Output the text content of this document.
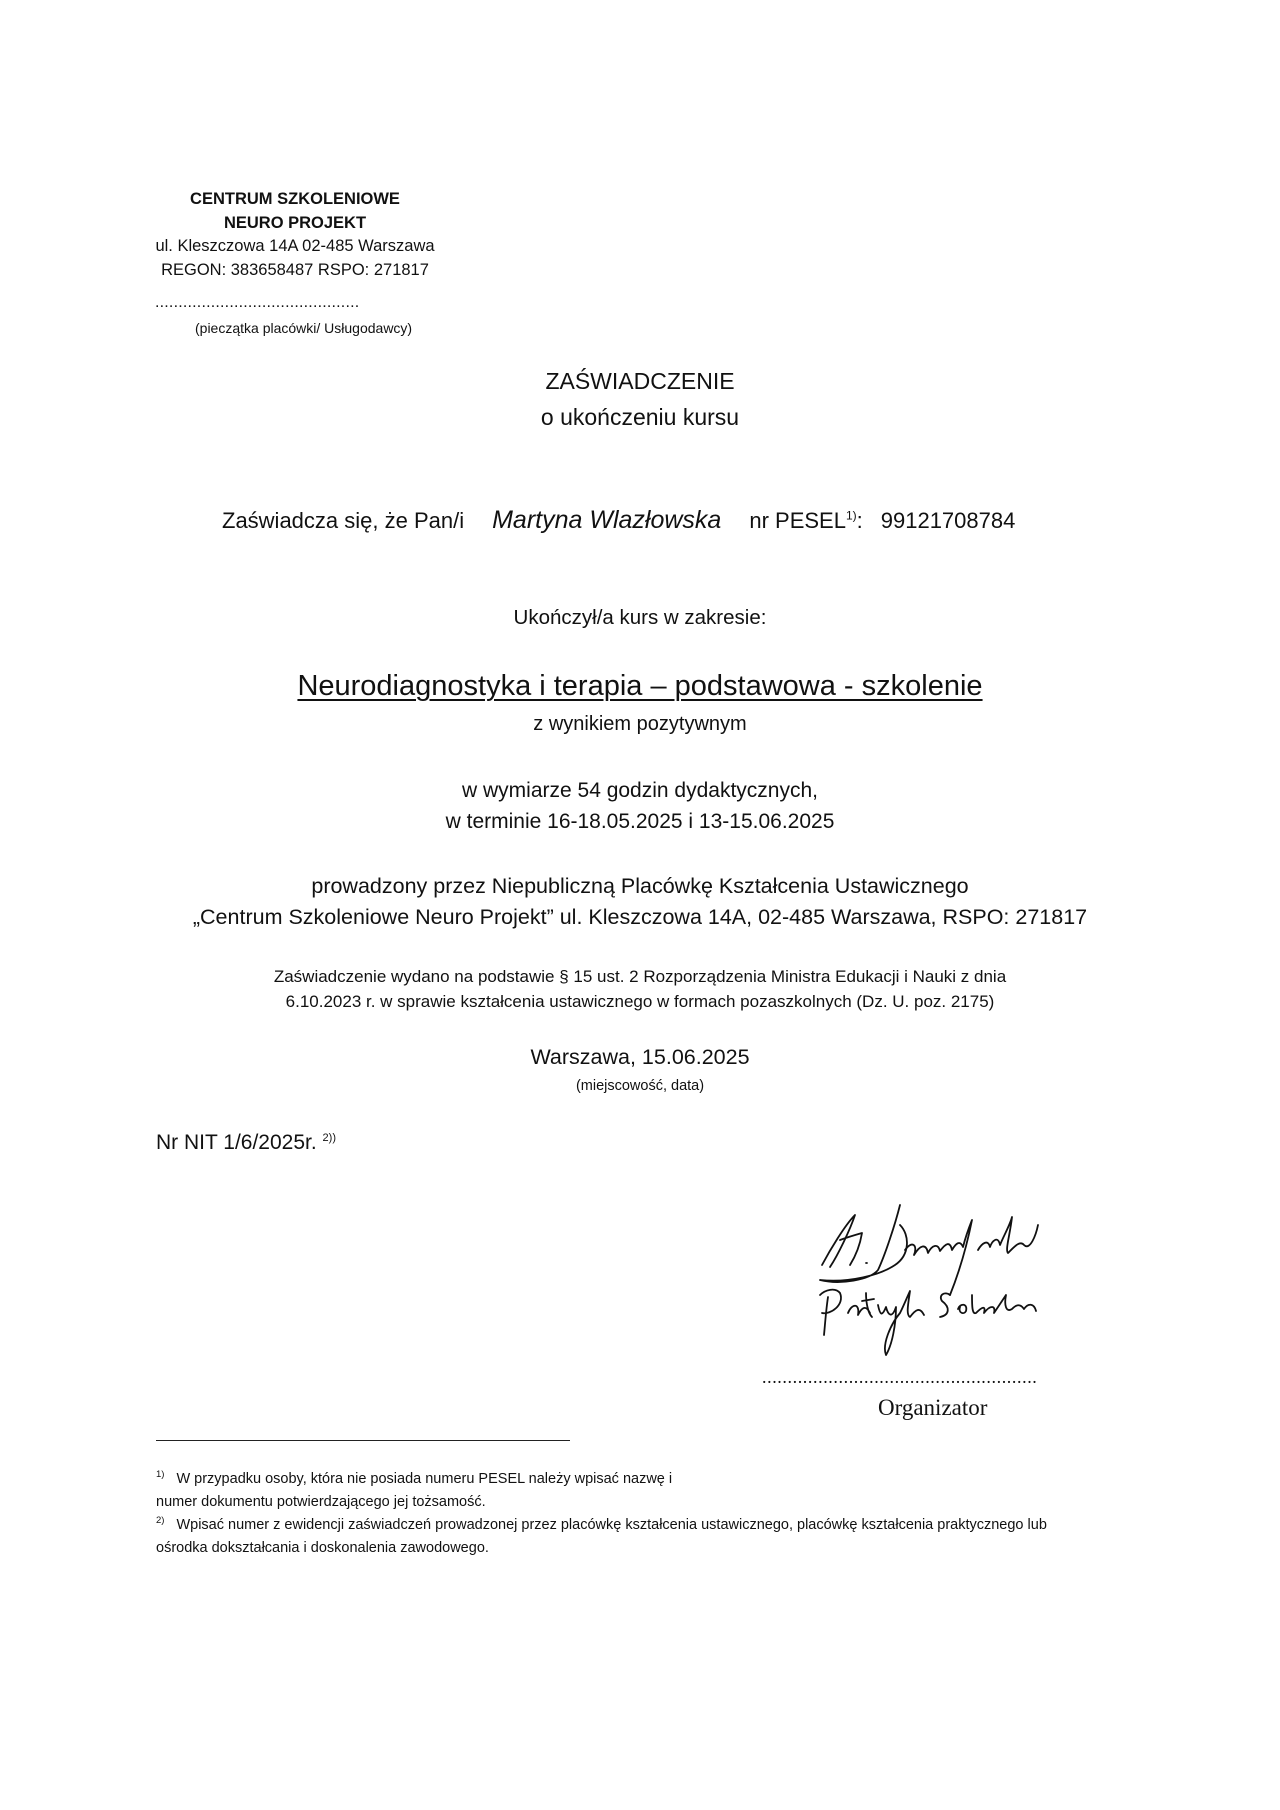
CENTRUM SZKOLENIOWE
NEURO PROJEKT
ul. Kleszczowa 14A 02-485 Warszawa
REGON: 383658487 RSPO: 271817
............................................
(pieczątka placówki/ Usługodawcy)
ZAŚWIADCZENIE
o ukończeniu kursu
Zaświadcza się, że Pan/i Martyna Wlazłowska nr PESEL$^{1)}$: 99121708784
Ukończył/a kurs w zakresie:
Neurodiagnostyka i terapia – podstawowa - szkolenie
z wynikiem pozytywnym
w wymiarze 54 godzin dydaktycznych,
w terminie 16-18.05.2025 i 13-15.06.2025
prowadzony przez Niepubliczną Placówkę Kształcenia Ustawicznego
„Centrum Szkoleniowe Neuro Projekt” ul. Kleszczowa 14A, 02-485 Warszawa, RSPO: 271817
Zaświadczenie wydano na podstawie § 15 ust. 2 Rozporządzenia Ministra Edukacji i Nauki z dnia
6.10.2023 r. w sprawie kształcenia ustawicznego w formach pozaszkolnych (Dz. U. poz. 2175)
Warszawa, 15.06.2025
(miejscowość, data)
Nr NIT 1/6/2025r. $^{2))}$
......................................................
Organizator
$^{1)}$ W przypadku osoby, która nie posiada numeru PESEL należy wpisać nazwę i
numer dokumentu potwierdzającego jej tożsamość.
$^{2)}$ Wpisać numer z ewidencji zaświadczeń prowadzonej przez placówkę kształcenia ustawicznego, placówkę kształcenia praktycznego lub
ośrodka dokształcania i doskonalenia zawodowego.
